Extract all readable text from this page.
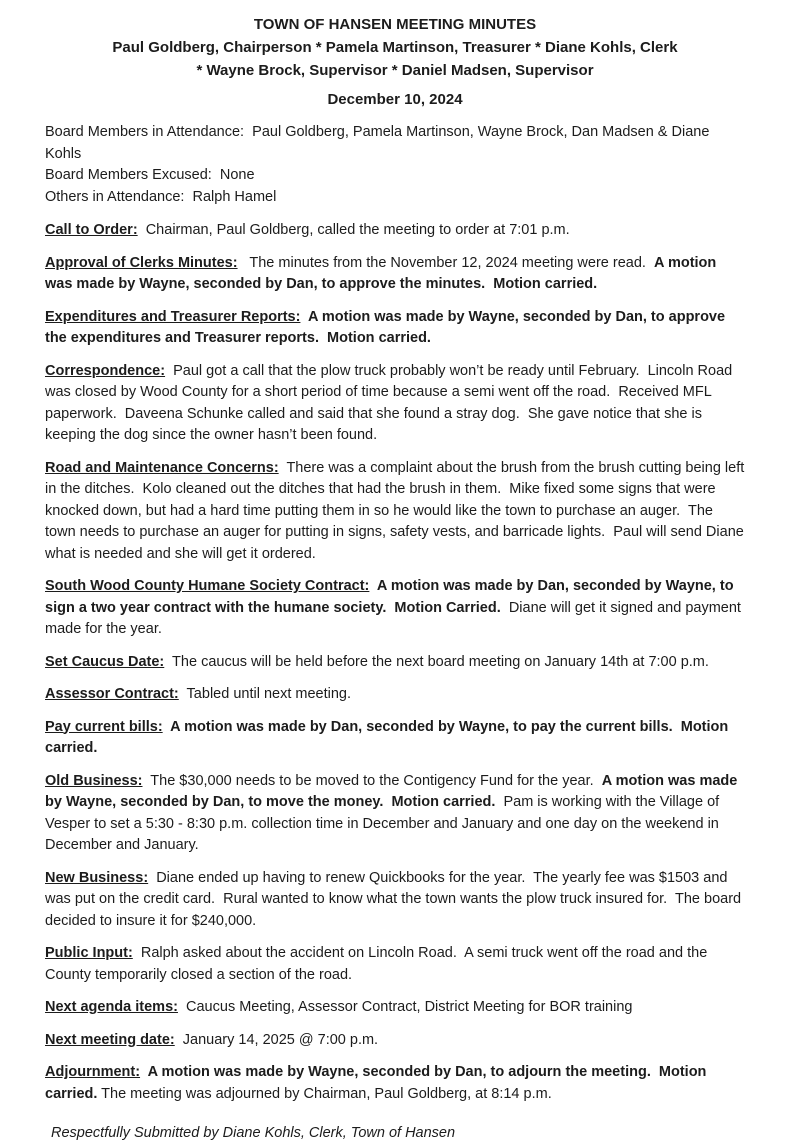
TOWN OF HANSEN MEETING MINUTES
Paul Goldberg, Chairperson * Pamela Martinson, Treasurer * Diane Kohls, Clerk
* Wayne Brock, Supervisor * Daniel Madsen, Supervisor
December 10, 2024
Board Members in Attendance:  Paul Goldberg, Pamela Martinson, Wayne Brock, Dan Madsen & Diane Kohls
Board Members Excused:  None
Others in Attendance:  Ralph Hamel

Call to Order:  Chairman, Paul Goldberg, called the meeting to order at 7:01 p.m.

Approval of Clerks Minutes:   The minutes from the November 12, 2024 meeting were read.  A motion was made by Wayne, seconded by Dan, to approve the minutes.  Motion carried.

Expenditures and Treasurer Reports:  A motion was made by Wayne, seconded by Dan, to approve the expenditures and Treasurer reports.  Motion carried.

Correspondence:  Paul got a call that the plow truck probably won’t be ready until February.  Lincoln Road was closed by Wood County for a short period of time because a semi went off the road.  Received MFL paperwork.  Daveena Schunke called and said that she found a stray dog.  She gave notice that she is keeping the dog since the owner hasn’t been found.

Road and Maintenance Concerns:  There was a complaint about the brush from the brush cutting being left in the ditches.  Kolo cleaned out the ditches that had the brush in them.  Mike fixed some signs that were knocked down, but had a hard time putting them in so he would like the town to purchase an auger.  The town needs to purchase an auger for putting in signs, safety vests, and barricade lights.  Paul will send Diane what is needed and she will get it ordered.

South Wood County Humane Society Contract:  A motion was made by Dan, seconded by Wayne, to sign a two year contract with the humane society.  Motion Carried.  Diane will get it signed and payment made for the year.

Set Caucus Date:  The caucus will be held before the next board meeting on January 14th at 7:00 p.m.

Assessor Contract:  Tabled until next meeting.

Pay current bills:  A motion was made by Dan, seconded by Wayne, to pay the current bills.  Motion carried.

Old Business:  The $30,000 needs to be moved to the Contigency Fund for the year.  A motion was made by Wayne, seconded by Dan, to move the money.  Motion carried.  Pam is working with the Village of Vesper to set a 5:30 - 8:30 p.m. collection time in December and January and one day on the weekend in December and January.

New Business:  Diane ended up having to renew Quickbooks for the year.  The yearly fee was $1503 and was put on the credit card.  Rural wanted to know what the town wants the plow truck insured for.  The board decided to insure it for $240,000.

Public Input:  Ralph asked about the accident on Lincoln Road.  A semi truck went off the road and the County temporarily closed a section of the road.

Next agenda items:  Caucus Meeting, Assessor Contract, District Meeting for BOR training

Next meeting date:  January 14, 2025 @ 7:00 p.m.

Adjournment:  A motion was made by Wayne, seconded by Dan, to adjourn the meeting.  Motion carried. The meeting was adjourned by Chairman, Paul Goldberg, at 8:14 p.m.

Respectfully Submitted by Diane Kohls, Clerk, Town of Hansen
